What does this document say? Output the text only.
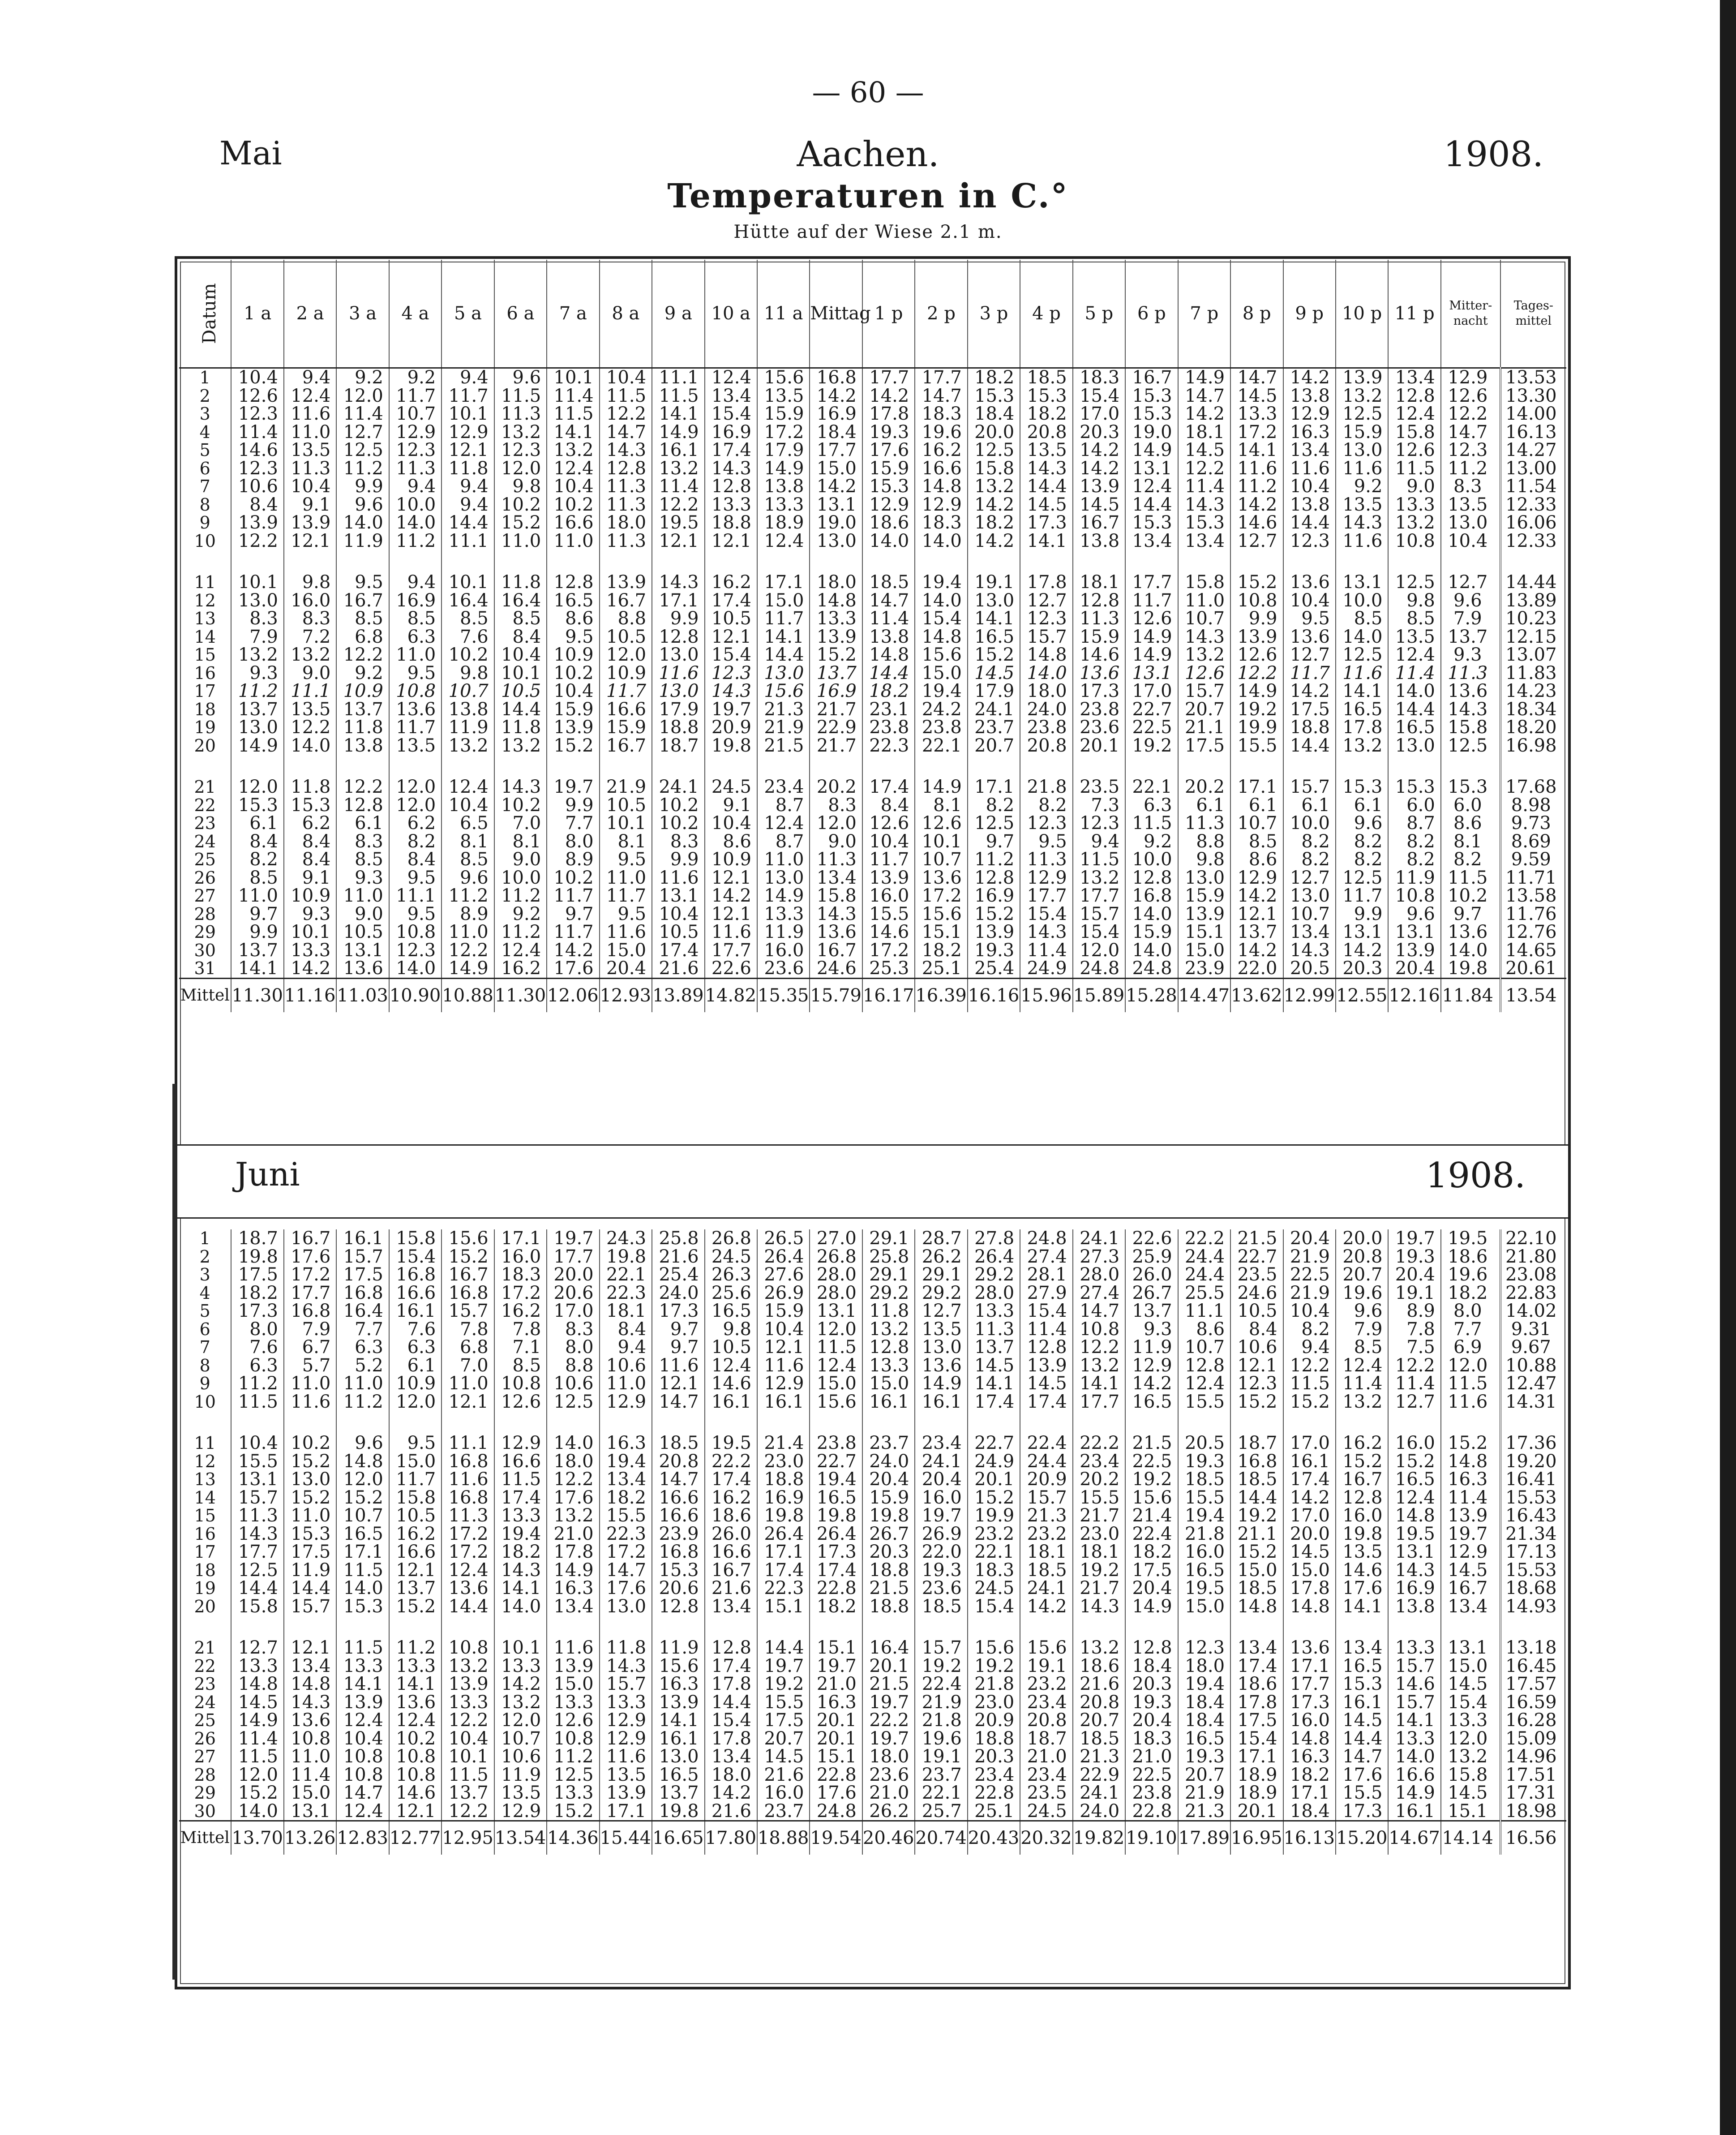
— 60 —
Mai	Aachen.	1908.
Temperaturen in C.°
Hütte auf der Wiese 2.1 m.
Datum	1 a	2 a	3 a	4 a	5 a	6 a	7 a	8 a	9 a	10 a	11 a	Mittag	1 p	2 p	3 p	4 p	5 p	6 p	7 p	8 p	9 p	10 p	11 p	Mitter-nacht	Tages-mittel
1	10.4	9.4	9.2	9.2	9.4	9.6	10.1	10.4	11.1	12.4	15.6	16.8	17.7	17.7	18.2	18.5	18.3	16.7	14.9	14.7	14.2	13.9	13.4	12.9	13.53
2	12.6	12.4	12.0	11.7	11.7	11.5	11.4	11.5	11.5	13.4	13.5	14.2	14.2	14.7	15.3	15.3	15.4	15.3	14.7	14.5	13.8	13.2	12.8	12.6	13.30
3	12.3	11.6	11.4	10.7	10.1	11.3	11.5	12.2	14.1	15.4	15.9	16.9	17.8	18.3	18.4	18.2	17.0	15.3	14.2	13.3	12.9	12.5	12.4	12.2	14.00
4	11.4	11.0	12.7	12.9	12.9	13.2	14.1	14.7	14.9	16.9	17.2	18.4	19.3	19.6	20.0	20.8	20.3	19.0	18.1	17.2	16.3	15.9	15.8	14.7	16.13
5	14.6	13.5	12.5	12.3	12.1	12.3	13.2	14.3	16.1	17.4	17.9	17.7	17.6	16.2	12.5	13.5	14.2	14.9	14.5	14.1	13.4	13.0	12.6	12.3	14.27
6	12.3	11.3	11.2	11.3	11.8	12.0	12.4	12.8	13.2	14.3	14.9	15.0	15.9	16.6	15.8	14.3	14.2	13.1	12.2	11.6	11.6	11.6	11.5	11.2	13.00
7	10.6	10.4	9.9	9.4	9.4	9.8	10.4	11.3	11.4	12.8	13.8	14.2	15.3	14.8	13.2	14.4	13.9	12.4	11.4	11.2	10.4	9.2	9.0	8.3	11.54
8	8.4	9.1	9.6	10.0	9.4	10.2	10.2	11.3	12.2	13.3	13.3	13.1	12.9	12.9	14.2	14.5	14.5	14.4	14.3	14.2	13.8	13.5	13.3	13.5	12.33
9	13.9	13.9	14.0	14.0	14.4	15.2	16.6	18.0	19.5	18.8	18.9	19.0	18.6	18.3	18.2	17.3	16.7	15.3	15.3	14.6	14.4	14.3	13.2	13.0	16.06
10	12.2	12.1	11.9	11.2	11.1	11.0	11.0	11.3	12.1	12.1	12.4	13.0	14.0	14.0	14.2	14.1	13.8	13.4	13.4	12.7	12.3	11.6	10.8	10.4	12.33
11	10.1	9.8	9.5	9.4	10.1	11.8	12.8	13.9	14.3	16.2	17.1	18.0	18.5	19.4	19.1	17.8	18.1	17.7	15.8	15.2	13.6	13.1	12.5	12.7	14.44
12	13.0	16.0	16.7	16.9	16.4	16.4	16.5	16.7	17.1	17.4	15.0	14.8	14.7	14.0	13.0	12.7	12.8	11.7	11.0	10.8	10.4	10.0	9.8	9.6	13.89
13	8.3	8.3	8.5	8.5	8.5	8.5	8.6	8.8	9.9	10.5	11.7	13.3	11.4	15.4	14.1	12.3	11.3	12.6	10.7	9.9	9.5	8.5	8.5	7.9	10.23
14	7.9	7.2	6.8	6.3	7.6	8.4	9.5	10.5	12.8	12.1	14.1	13.9	13.8	14.8	16.5	15.7	15.9	14.9	14.3	13.9	13.6	14.0	13.5	13.7	12.15
15	13.2	13.2	12.2	11.0	10.2	10.4	10.9	12.0	13.0	15.4	14.4	15.2	14.8	15.6	15.2	14.8	14.6	14.9	13.2	12.6	12.7	12.5	12.4	9.3	13.07
16	9.3	9.0	9.2	9.5	9.8	10.1	10.2	10.9	11.6	12.3	13.0	13.7	14.4	15.0	14.5	14.0	13.6	13.1	12.6	12.2	11.7	11.6	11.4	11.3	11.83
17	11.2	11.1	10.9	10.8	10.7	10.5	10.4	11.7	13.0	14.3	15.6	16.9	18.2	19.4	17.9	18.0	17.3	17.0	15.7	14.9	14.2	14.1	14.0	13.6	14.23
18	13.7	13.5	13.7	13.6	13.8	14.4	15.9	16.6	17.9	19.7	21.3	21.7	23.1	24.2	24.1	24.0	23.8	22.7	20.7	19.2	17.5	16.5	14.4	14.3	18.34
19	13.0	12.2	11.8	11.7	11.9	11.8	13.9	15.9	18.8	20.9	21.9	22.9	23.8	23.8	23.7	23.8	23.6	22.5	21.1	19.9	18.8	17.8	16.5	15.8	18.20
20	14.9	14.0	13.8	13.5	13.2	13.2	15.2	16.7	18.7	19.8	21.5	21.7	22.3	22.1	20.7	20.8	20.1	19.2	17.5	15.5	14.4	13.2	13.0	12.5	16.98
21	12.0	11.8	12.2	12.0	12.4	14.3	19.7	21.9	24.1	24.5	23.4	20.2	17.4	14.9	17.1	21.8	23.5	22.1	20.2	17.1	15.7	15.3	15.3	15.3	17.68
22	15.3	15.3	12.8	12.0	10.4	10.2	9.9	10.5	10.2	9.1	8.7	8.3	8.4	8.1	8.2	8.2	7.3	6.3	6.1	6.1	6.1	6.1	6.0	6.0	8.98
23	6.1	6.2	6.1	6.2	6.5	7.0	7.7	10.1	10.2	10.4	12.4	12.0	12.6	12.6	12.5	12.3	12.3	11.5	11.3	10.7	10.0	9.6	8.7	8.6	9.73
24	8.4	8.4	8.3	8.2	8.1	8.1	8.0	8.1	8.3	8.6	8.7	9.0	10.4	10.1	9.7	9.5	9.4	9.2	8.8	8.5	8.2	8.2	8.2	8.1	8.69
25	8.2	8.4	8.5	8.4	8.5	9.0	8.9	9.5	9.9	10.9	11.0	11.3	11.7	10.7	11.2	11.3	11.5	10.0	9.8	8.6	8.2	8.2	8.2	8.2	9.59
26	8.5	9.1	9.3	9.5	9.6	10.0	10.2	11.0	11.6	12.1	13.0	13.4	13.9	13.6	12.8	12.9	13.2	12.8	13.0	12.9	12.7	12.5	11.9	11.5	11.71
27	11.0	10.9	11.0	11.1	11.2	11.2	11.7	11.7	13.1	14.2	14.9	15.8	16.0	17.2	16.9	17.7	17.7	16.8	15.9	14.2	13.0	11.7	10.8	10.2	13.58
28	9.7	9.3	9.0	9.5	8.9	9.2	9.7	9.5	10.4	12.1	13.3	14.3	15.5	15.6	15.2	15.4	15.7	14.0	13.9	12.1	10.7	9.9	9.6	9.7	11.76
29	9.9	10.1	10.5	10.8	11.0	11.2	11.7	11.6	10.5	11.6	11.9	13.6	14.6	15.1	13.9	14.3	15.4	15.9	15.1	13.7	13.4	13.1	13.1	13.6	12.76
30	13.7	13.3	13.1	12.3	12.2	12.4	14.2	15.0	17.4	17.7	16.0	16.7	17.2	18.2	19.3	11.4	12.0	14.0	15.0	14.2	14.3	14.2	13.9	14.0	14.65
31	14.1	14.2	13.6	14.0	14.9	16.2	17.6	20.4	21.6	22.6	23.6	24.6	25.3	25.1	25.4	24.9	24.8	24.8	23.9	22.0	20.5	20.3	20.4	19.8	20.61
Mittel	11.30	11.16	11.03	10.90	10.88	11.30	12.06	12.93	13.89	14.82	15.35	15.79	16.17	16.39	16.16	15.96	15.89	15.28	14.47	13.62	12.99	12.55	12.16	11.84	13.54
Juni	1908.
1	18.7	16.7	16.1	15.8	15.6	17.1	19.7	24.3	25.8	26.8	26.5	27.0	29.1	28.7	27.8	24.8	24.1	22.6	22.2	21.5	20.4	20.0	19.7	19.5	22.10
2	19.8	17.6	15.7	15.4	15.2	16.0	17.7	19.8	21.6	24.5	26.4	26.8	25.8	26.2	26.4	27.4	27.3	25.9	24.4	22.7	21.9	20.8	19.3	18.6	21.80
3	17.5	17.2	17.5	16.8	16.7	18.3	20.0	22.1	25.4	26.3	27.6	28.0	29.1	29.1	29.2	28.1	28.0	26.0	24.4	23.5	22.5	20.7	20.4	19.6	23.08
4	18.2	17.7	16.8	16.6	16.8	17.2	20.6	22.3	24.0	25.6	26.9	28.0	29.2	29.2	28.0	27.9	27.4	26.7	25.5	24.6	21.9	19.6	19.1	18.2	22.83
5	17.3	16.8	16.4	16.1	15.7	16.2	17.0	18.1	17.3	16.5	15.9	13.1	11.8	12.7	13.3	15.4	14.7	13.7	11.1	10.5	10.4	9.6	8.9	8.0	14.02
6	8.0	7.9	7.7	7.6	7.8	7.8	8.3	8.4	9.7	9.8	10.4	12.0	13.2	13.5	11.3	11.4	10.8	9.3	8.6	8.4	8.2	7.9	7.8	7.7	9.31
7	7.6	6.7	6.3	6.3	6.8	7.1	8.0	9.4	9.7	10.5	12.1	11.5	12.8	13.0	13.7	12.8	12.2	11.9	10.7	10.6	9.4	8.5	7.5	6.9	9.67
8	6.3	5.7	5.2	6.1	7.0	8.5	8.8	10.6	11.6	12.4	11.6	12.4	13.3	13.6	14.5	13.9	13.2	12.9	12.8	12.1	12.2	12.4	12.2	12.0	10.88
9	11.2	11.0	11.0	10.9	11.0	10.8	10.6	11.0	12.1	14.6	12.9	15.0	15.0	14.9	14.1	14.5	14.1	14.2	12.4	12.3	11.5	11.4	11.4	11.5	12.47
10	11.5	11.6	11.2	12.0	12.1	12.6	12.5	12.9	14.7	16.1	16.1	15.6	16.1	16.1	17.4	17.4	17.7	16.5	15.5	15.2	15.2	13.2	12.7	11.6	14.31
11	10.4	10.2	9.6	9.5	11.1	12.9	14.0	16.3	18.5	19.5	21.4	23.8	23.7	23.4	22.7	22.4	22.2	21.5	20.5	18.7	17.0	16.2	16.0	15.2	17.36
12	15.5	15.2	14.8	15.0	16.8	16.6	18.0	19.4	20.8	22.2	23.0	22.7	24.0	24.1	24.9	24.4	23.4	22.5	19.3	16.8	16.1	15.2	15.2	14.8	19.20
13	13.1	13.0	12.0	11.7	11.6	11.5	12.2	13.4	14.7	17.4	18.8	19.4	20.4	20.4	20.1	20.9	20.2	19.2	18.5	18.5	17.4	16.7	16.5	16.3	16.41
14	15.7	15.2	15.2	15.8	16.8	17.4	17.6	18.2	16.6	16.2	16.9	16.5	15.9	16.0	15.2	15.7	15.5	15.6	15.5	14.4	14.2	12.8	12.4	11.4	15.53
15	11.3	11.0	10.7	10.5	11.3	13.3	13.2	15.5	16.6	18.6	19.8	19.8	19.8	19.7	19.9	21.3	21.7	21.4	19.4	19.2	17.0	16.0	14.8	13.9	16.43
16	14.3	15.3	16.5	16.2	17.2	19.4	21.0	22.3	23.9	26.0	26.4	26.4	26.7	26.9	23.2	23.2	23.0	22.4	21.8	21.1	20.0	19.8	19.5	19.7	21.34
17	17.7	17.5	17.1	16.6	17.2	18.2	17.8	17.2	16.8	16.6	17.1	17.3	20.3	22.0	22.1	18.1	18.1	18.2	16.0	15.2	14.5	13.5	13.1	12.9	17.13
18	12.5	11.9	11.5	12.1	12.4	14.3	14.9	14.7	15.3	16.7	17.4	17.4	18.8	19.3	18.3	18.5	19.2	17.5	16.5	15.0	15.0	14.6	14.3	14.5	15.53
19	14.4	14.4	14.0	13.7	13.6	14.1	16.3	17.6	20.6	21.6	22.3	22.8	21.5	23.6	24.5	24.1	21.7	20.4	19.5	18.5	17.8	17.6	16.9	16.7	18.68
20	15.8	15.7	15.3	15.2	14.4	14.0	13.4	13.0	12.8	13.4	15.1	18.2	18.8	18.5	15.4	14.2	14.3	14.9	15.0	14.8	14.8	14.1	13.8	13.4	14.93
21	12.7	12.1	11.5	11.2	10.8	10.1	11.6	11.8	11.9	12.8	14.4	15.1	16.4	15.7	15.6	15.6	13.2	12.8	12.3	13.4	13.6	13.4	13.3	13.1	13.18
22	13.3	13.4	13.3	13.3	13.2	13.3	13.9	14.3	15.6	17.4	19.7	19.7	20.1	19.2	19.2	19.1	18.6	18.4	18.0	17.4	17.1	16.5	15.7	15.0	16.45
23	14.8	14.8	14.1	14.1	13.9	14.2	15.0	15.7	16.3	17.8	19.2	21.0	21.5	22.4	21.8	23.2	21.6	20.3	19.4	18.6	17.7	15.3	14.6	14.5	17.57
24	14.5	14.3	13.9	13.6	13.3	13.2	13.3	13.3	13.9	14.4	15.5	16.3	19.7	21.9	23.0	23.4	20.8	19.3	18.4	17.8	17.3	16.1	15.7	15.4	16.59
25	14.9	13.6	12.4	12.4	12.2	12.0	12.6	12.9	14.1	15.4	17.5	20.1	22.2	21.8	20.9	20.8	20.7	20.4	18.4	17.5	16.0	14.5	14.1	13.3	16.28
26	11.4	10.8	10.4	10.2	10.4	10.7	10.8	12.9	16.1	17.8	20.7	20.1	19.7	19.6	18.8	18.7	18.5	18.3	16.5	15.4	14.8	14.4	13.3	12.0	15.09
27	11.5	11.0	10.8	10.8	10.1	10.6	11.2	11.6	13.0	13.4	14.5	15.1	18.0	19.1	20.3	21.0	21.3	21.0	19.3	17.1	16.3	14.7	14.0	13.2	14.96
28	12.0	11.4	10.8	10.8	11.5	11.9	12.5	13.5	16.5	18.0	21.6	22.8	23.6	23.7	23.4	23.4	22.9	22.5	20.7	18.9	18.2	17.6	16.6	15.8	17.51
29	15.2	15.0	14.7	14.6	13.7	13.5	13.3	13.9	13.7	14.2	16.0	17.6	21.0	22.1	22.8	23.5	24.1	23.8	21.9	18.9	17.1	15.5	14.9	14.5	17.31
30	14.0	13.1	12.4	12.1	12.2	12.9	15.2	17.1	19.8	21.6	23.7	24.8	26.2	25.7	25.1	24.5	24.0	22.8	21.3	20.1	18.4	17.3	16.1	15.1	18.98
Mittel	13.70	13.26	12.83	12.77	12.95	13.54	14.36	15.44	16.65	17.80	18.88	19.54	20.46	20.74	20.43	20.32	19.82	19.10	17.89	16.95	16.13	15.20	14.67	14.14	16.56
